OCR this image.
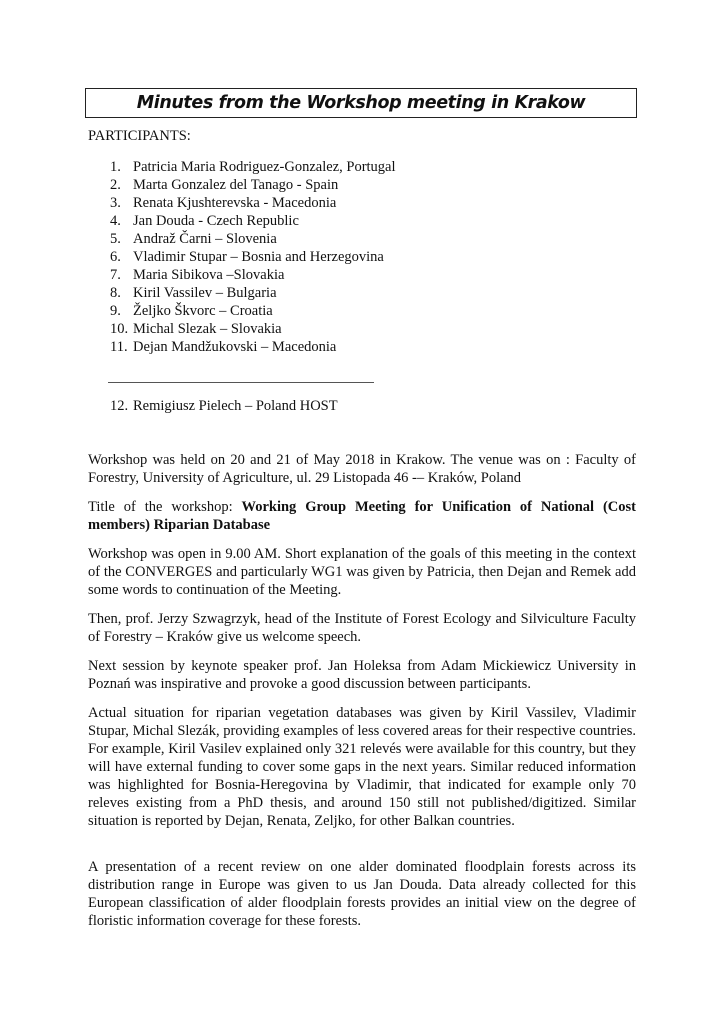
Minutes from the Workshop meeting in Krakow
PARTICIPANTS:
1. Patricia Maria Rodriguez-Gonzalez, Portugal
2. Marta Gonzalez del Tanago - Spain
3. Renata Kjushterevska - Macedonia
4. Jan Douda - Czech Republic
5. Andraž Čarni – Slovenia
6. Vladimir Stupar – Bosnia and Herzegovina
7. Maria Sibikova –Slovakia
8. Kiril Vassilev – Bulgaria
9. Željko Škvorc – Croatia
10. Michal Slezak – Slovakia
11. Dejan Mandžukovski – Macedonia
12. Remigiusz Pielech – Poland HOST

Workshop was held on 20 and 21 of May 2018 in Krakow. The venue was on : Faculty of Forestry, University of Agriculture, ul. 29 Listopada 46 -– Kraków, Poland

Title of the workshop: Working Group Meeting for Unification of National (Cost members) Riparian Database

Workshop was open in 9.00 AM. Short explanation of the goals of this meeting in the context of the CONVERGES and particularly WG1 was given by Patricia, then Dejan and Remek add some words to continuation of the Meeting.

Then, prof. Jerzy Szwagrzyk, head of the Institute of Forest Ecology and Silviculture Faculty of Forestry – Kraków give us welcome speech.

Next session by keynote speaker prof. Jan Holeksa from Adam Mickiewicz University in Poznań was inspirative and provoke a good discussion between participants.

Actual situation for riparian vegetation databases was given by Kiril Vassilev, Vladimir Stupar, Michal Slezák, providing examples of less covered areas for their respective countries. For example, Kiril Vasilev explained only 321 relevés were available for this country, but they will have external funding to cover some gaps in the next years. Similar reduced information was highlighted for Bosnia-Heregovina by Vladimir, that indicated for example only 70 releves existing from a PhD thesis, and around 150 still not published/digitized. Similar situation is reported by Dejan, Renata, Zeljko, for other Balkan countries.

A presentation of a recent review on one alder dominated floodplain forests across its distribution range in Europe was given to us Jan Douda. Data already collected for this European classification of alder floodplain forests provides an initial view on the degree of floristic information coverage for these forests.
